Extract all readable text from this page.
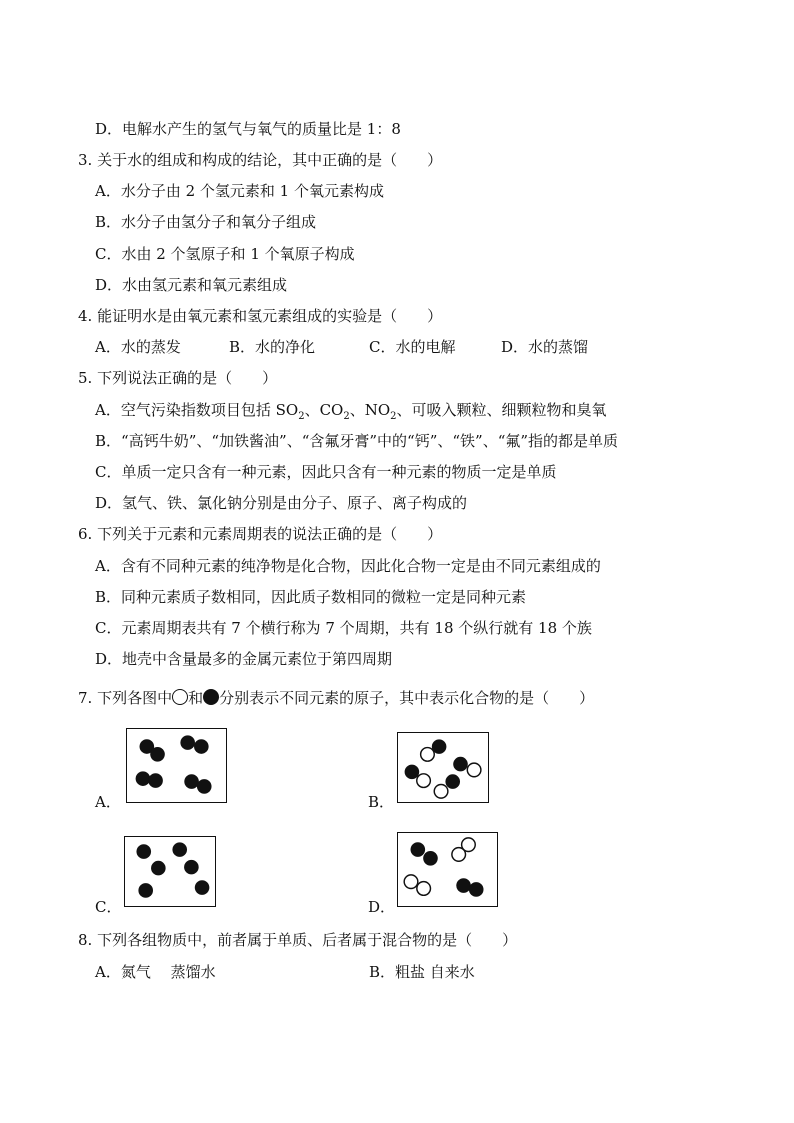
D．电解水产生的氢气与氧气的质量比是 1：8
3. 关于水的组成和构成的结论，其中正确的是（　　）
A．水分子由 2 个氢元素和 1 个氧元素构成
B．水分子由氢分子和氧分子组成
C．水由 2 个氢原子和 1 个氧原子构成
D．水由氢元素和氧元素组成
4. 能证明水是由氧元素和氢元素组成的实验是（　　）
A．水的蒸发	B．水的净化	C．水的电解	D．水的蒸馏
5. 下列说法正确的是（　　）
A．空气污染指数项目包括 $SO_2$、$CO_2$、$NO_2$、可吸入颗粒、细颗粒物和臭氧
B．“高钙牛奶”、“加铁酱油”、“含氟牙膏”中的“钙”、“铁”、“氟”指的都是单质
C．单质一定只含有一种元素，因此只含有一种元素的物质一定是单质
D．氢气、铁、氯化钠分别是由分子、原子、离子构成的
6. 下列关于元素和元素周期表的说法正确的是（　　）
A．含有不同种元素的纯净物是化合物，因此化合物一定是由不同元素组成的
B．同种元素质子数相同，因此质子数相同的微粒一定是同种元素
C．元素周期表共有 7 个横行称为 7 个周期，共有 18 个纵行就有 18 个族
D．地壳中含量最多的金属元素位于第四周期
7. 下列各图中 和 分别表示不同元素的原子，其中表示化合物的是（　　）
A．	B．
C．	D．
8. 下列各组物质中，前者属于单质、后者属于混合物的是（　　）
A．氮气　 蒸馏水	B．粗盐 自来水
